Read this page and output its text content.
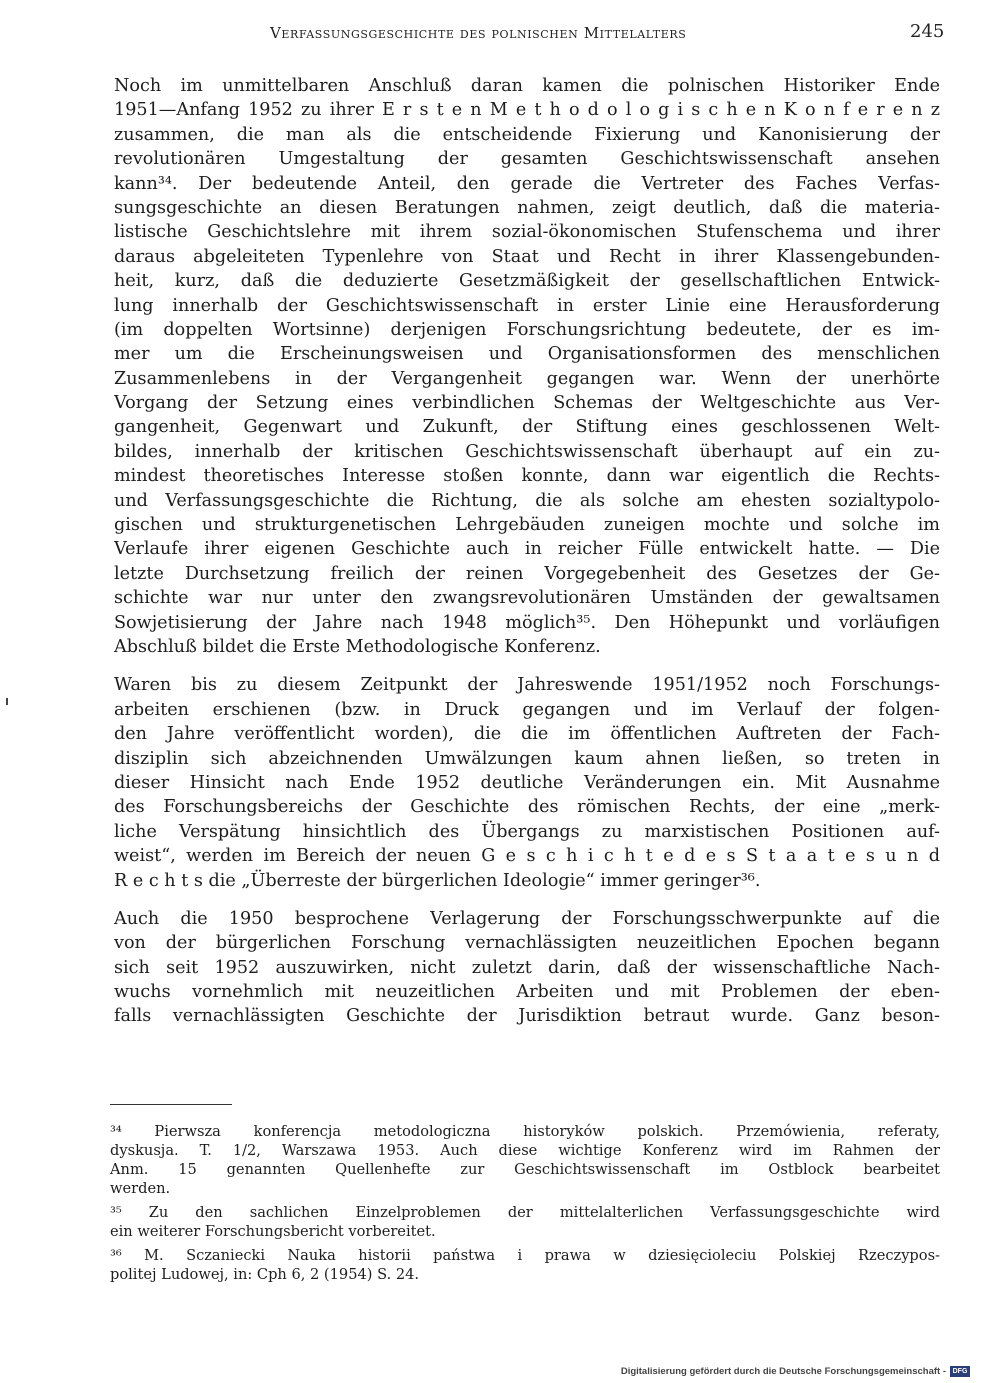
Verfassungsgeschichte des polnischen Mittelalters	245

Noch im unmittelbaren Anschluß daran kamen die polnischen Historiker Ende
1951—Anfang 1952 zu ihrer E r s t e n M e t h o d o l o g i s c h e n K o n f e r e n z
zusammen, die man als die entscheidende Fixierung und Kanonisierung der
revolutionären Umgestaltung der gesamten Geschichtswissenschaft ansehen
kann³⁴. Der bedeutende Anteil, den gerade die Vertreter des Faches Verfas-
sungsgeschichte an diesen Beratungen nahmen, zeigt deutlich, daß die materia-
listische Geschichtslehre mit ihrem sozial-ökonomischen Stufenschema und ihrer
daraus abgeleiteten Typenlehre von Staat und Recht in ihrer Klassengebunden-
heit, kurz, daß die deduzierte Gesetzmäßigkeit der gesellschaftlichen Entwick-
lung innerhalb der Geschichtswissenschaft in erster Linie eine Herausforderung
(im doppelten Wortsinne) derjenigen Forschungsrichtung bedeutete, der es im-
mer um die Erscheinungsweisen und Organisationsformen des menschlichen
Zusammenlebens in der Vergangenheit gegangen war. Wenn der unerhörte
Vorgang der Setzung eines verbindlichen Schemas der Weltgeschichte aus Ver-
gangenheit, Gegenwart und Zukunft, der Stiftung eines geschlossenen Welt-
bildes, innerhalb der kritischen Geschichtswissenschaft überhaupt auf ein zu-
mindest theoretisches Interesse stoßen konnte, dann war eigentlich die Rechts-
und Verfassungsgeschichte die Richtung, die als solche am ehesten sozialtypolo-
gischen und strukturgenetischen Lehrgebäuden zuneigen mochte und solche im
Verlaufe ihrer eigenen Geschichte auch in reicher Fülle entwickelt hatte. — Die
letzte Durchsetzung freilich der reinen Vorgegebenheit des Gesetzes der Ge-
schichte war nur unter den zwangsrevolutionären Umständen der gewaltsamen
Sowjetisierung der Jahre nach 1948 möglich³⁵. Den Höhepunkt und vorläufigen
Abschluß bildet die Erste Methodologische Konferenz.

Waren bis zu diesem Zeitpunkt der Jahreswende 1951/1952 noch Forschungs-
arbeiten erschienen (bzw. in Druck gegangen und im Verlauf der folgen-
den Jahre veröffentlicht worden), die die im öffentlichen Auftreten der Fach-
disziplin sich abzeichnenden Umwälzungen kaum ahnen ließen, so treten in
dieser Hinsicht nach Ende 1952 deutliche Veränderungen ein. Mit Ausnahme
des Forschungsbereichs der Geschichte des römischen Rechts, der eine „merk-
liche Verspätung hinsichtlich des Übergangs zu marxistischen Positionen auf-
weist“, werden im Bereich der neuen G e s c h i c h t e d e s S t a a t e s u n d
R e c h t s die „Überreste der bürgerlichen Ideologie“ immer geringer³⁶.

Auch die 1950 besprochene Verlagerung der Forschungsschwerpunkte auf die
von der bürgerlichen Forschung vernachlässigten neuzeitlichen Epochen begann
sich seit 1952 auszuwirken, nicht zuletzt darin, daß der wissenschaftliche Nach-
wuchs vornehmlich mit neuzeitlichen Arbeiten und mit Problemen der eben-
falls vernachlässigten Geschichte der Jurisdiktion betraut wurde. Ganz beson-

³⁴ Pierwsza konferencja metodologiczna historyków polskich. Przemówienia, referaty,
dyskusja. T. 1/2, Warszawa 1953. Auch diese wichtige Konferenz wird im Rahmen der
Anm. 15 genannten Quellenhefte zur Geschichtswissenschaft im Ostblock bearbeitet
werden.
³⁵ Zu den sachlichen Einzelproblemen der mittelalterlichen Verfassungsgeschichte wird
ein weiterer Forschungsbericht vorbereitet.
³⁶ M. Sczaniecki Nauka historii państwa i prawa w dziesięcioleciu Polskiej Rzeczypos-
politej Ludowej, in: Cph 6, 2 (1954) S. 24.
Digitalisierung gefördert durch die Deutsche Forschungsgemeinschaft - DFG
